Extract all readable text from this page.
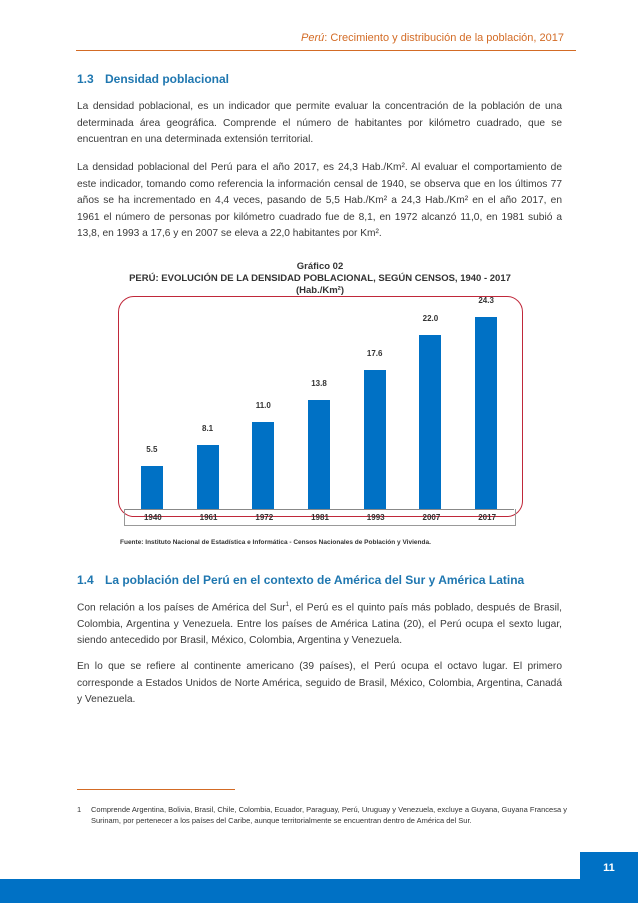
Perú: Crecimiento y distribución de la población, 2017
1.3 Densidad poblacional
La densidad poblacional, es un indicador que permite evaluar la concentración de la población de una determinada área geográfica. Comprende el número de habitantes por kilómetro cuadrado, que se encuentran en una determinada extensión territorial.
La densidad poblacional del Perú para el año 2017, es 24,3 Hab./Km². Al evaluar el comportamiento de este indicador, tomando como referencia la información censal de 1940, se observa que en los últimos 77 años se ha incrementado en 4,4 veces, pasando de 5,5 Hab./Km² a 24,3 Hab./Km² en el año 2017, en 1961 el número de personas por kilómetro cuadrado fue de 8,1, en 1972 alcanzó 11,0, en 1981 subió a 13,8, en 1993 a 17,6 y en 2007 se eleva a 22,0 habitantes por Km².
Gráfico 02
PERÚ: EVOLUCIÓN DE LA DENSIDAD POBLACIONAL, SEGÚN CENSOS, 1940 - 2017
(Hab./Km²)
5.5
8.1
11.0
13.8
17.6
22.0
24.3
1940	1961	1972	1981	1993	2007	2017
Fuente: Instituto Nacional de Estadística e Informática - Censos Nacionales de Población y Vivienda.
1.4 La población del Perú en el contexto de América del Sur y América Latina
Con relación a los países de América del Sur$^1$, el Perú es el quinto país más poblado, después de Brasil, Colombia, Argentina y Venezuela. Entre los países de América Latina (20), el Perú ocupa el sexto lugar, siendo antecedido por Brasil, México, Colombia, Argentina y Venezuela.
En lo que se refiere al continente americano (39 países), el Perú ocupa el octavo lugar. El primero corresponde a Estados Unidos de Norte América, seguido de Brasil, México, Colombia, Argentina, Canadá y Venezuela.
1	Comprende Argentina, Bolivia, Brasil, Chile, Colombia, Ecuador, Paraguay, Perú, Uruguay y Venezuela, excluye a Guyana, Guyana Francesa y Surinam, por pertenecer a los países del Caribe, aunque territorialmente se encuentran dentro de América del Sur.
11
